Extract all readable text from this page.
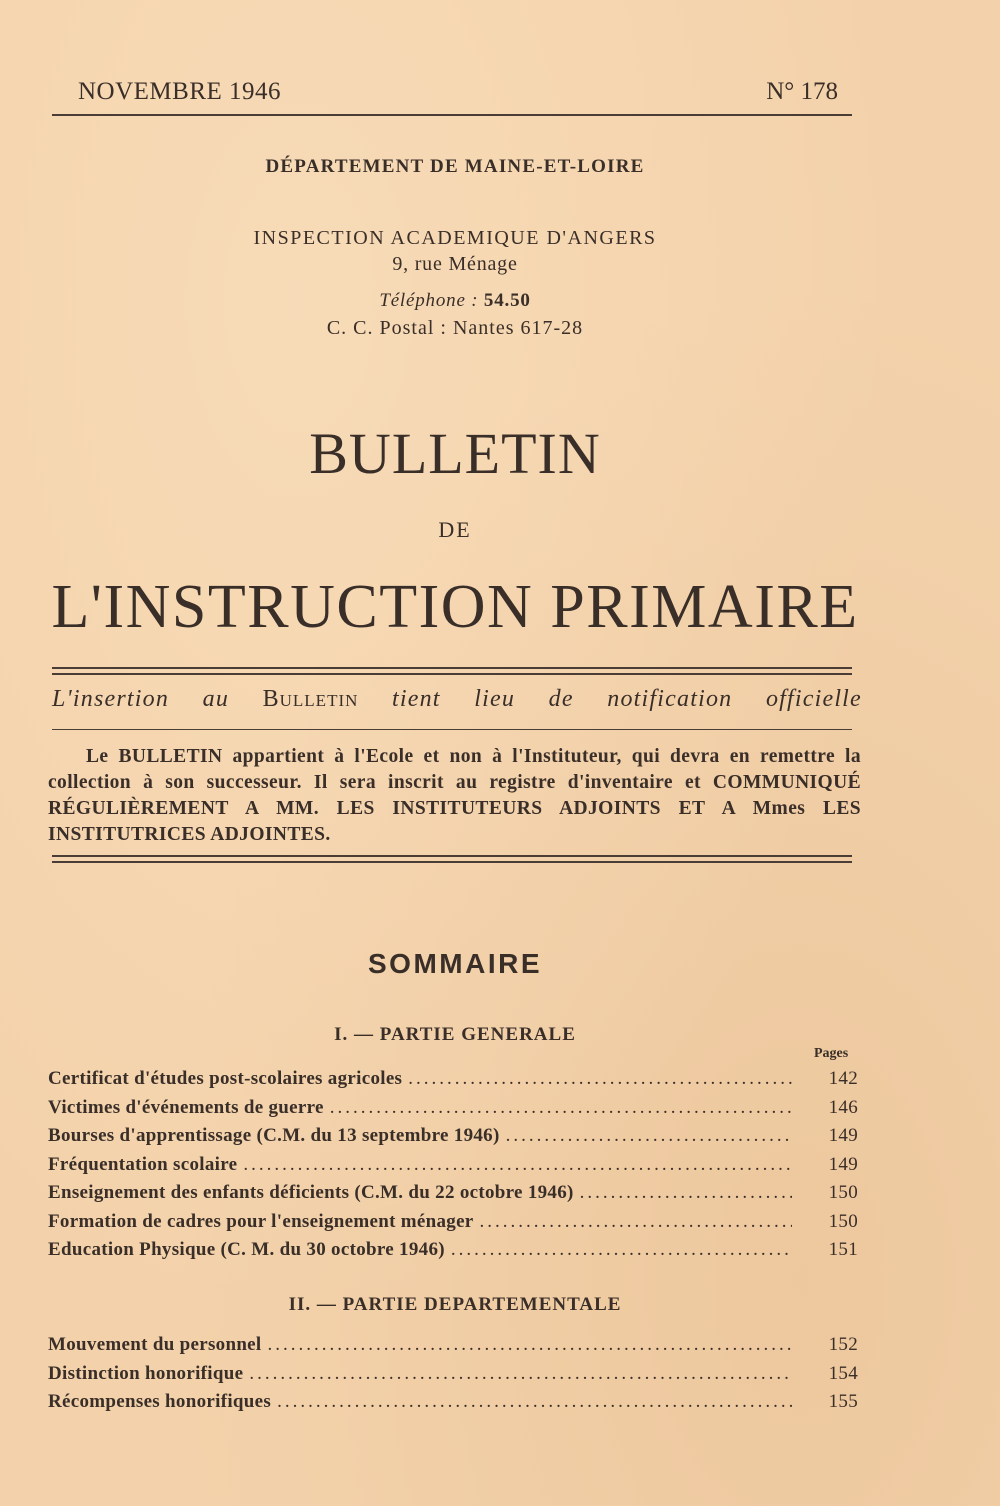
NOVEMBRE 1946	N° 178
DÉPARTEMENT DE MAINE-ET-LOIRE
INSPECTION ACADEMIQUE D'ANGERS
9, rue Ménage
Téléphone : 54.50
C. C. Postal : Nantes 617-28
BULLETIN
DE
L'INSTRUCTION PRIMAIRE
L'insertion au Bulletin tient lieu de notification officielle

Le BULLETIN appartient à l'Ecole et non à l'Instituteur, qui devra en remettre la collection à son successeur. Il sera inscrit au registre d'inventaire et COMMUNIQUÉ RÉGULIÈREMENT A MM. LES INSTITUTEURS ADJOINTS ET A Mmes LES INSTITUTRICES ADJOINTES.

SOMMAIRE
I. — PARTIE GENERALE
Pages
Certificat d'études post-scolaires agricoles .....	142
Victimes d'événements de guerre .....	146
Bourses d'apprentissage (C.M. du 13 septembre 1946) .....	149
Fréquentation scolaire .....	149
Enseignement des enfants déficients (C.M. du 22 octobre 1946) .....	150
Formation de cadres pour l'enseignement ménager .....	150
Education Physique (C. M. du 30 octobre 1946) .....	151
II. — PARTIE DEPARTEMENTALE
Mouvement du personnel .....	152
Distinction honorifique .....	154
Récompenses honorifiques .....	155
